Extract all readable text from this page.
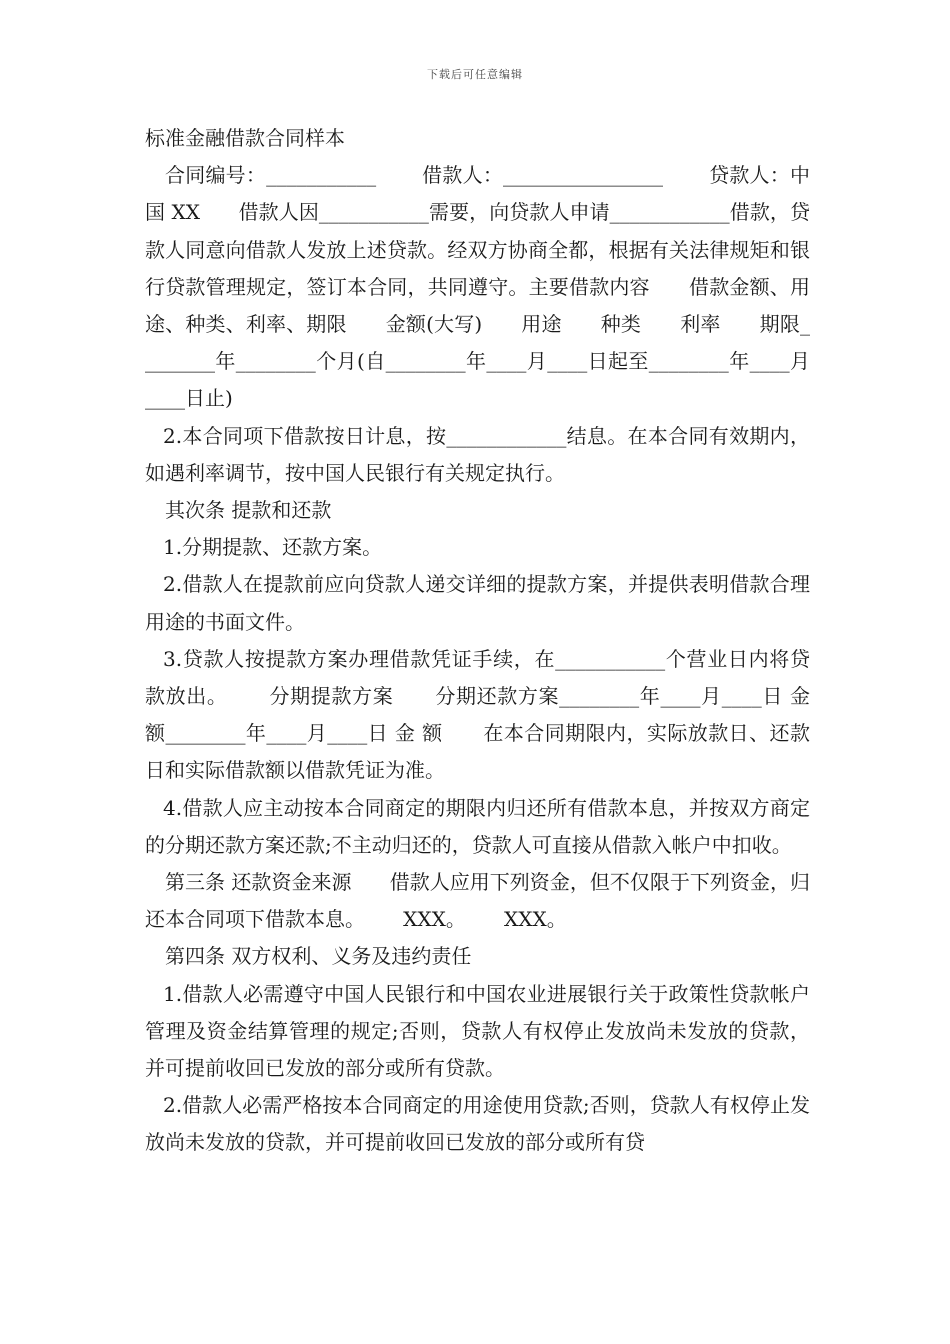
下载后可任意编辑

标准金融借款合同样本

合同编号：___________       借款人：________________       贷款人：中国 XX      借款人因___________需要，向贷款人申请____________借款，贷款人同意向借款人发放上述贷款。经双方协商全都，根据有关法律规矩和银行贷款管理规定，签订本合同，共同遵守。主要借款内容      借款金额、用途、种类、利率、期限      金额(大写)      用途      种类      利率      期限________年________个月(自________年____月____日起至________年____月____日止)

2.本合同项下借款按日计息，按____________结息。在本合同有效期内，如遇利率调节，按中国人民银行有关规定执行。

其次条 提款和还款

1.分期提款、还款方案。

2.借款人在提款前应向贷款人递交详细的提款方案，并提供表明借款合理用途的书面文件。

3.贷款人按提款方案办理借款凭证手续，在___________个营业日内将贷款放出。      分期提款方案      分期还款方案________年____月____日 金 额________年____月____日 金 额      在本合同期限内，实际放款日、还款日和实际借款额以借款凭证为准。

4.借款人应主动按本合同商定的期限内归还所有借款本息，并按双方商定的分期还款方案还款;不主动归还的，贷款人可直接从借款入帐户中扣收。

第三条 还款资金来源      借款人应用下列资金，但不仅限于下列资金，归还本合同项下借款本息。      XXX。      XXX。

第四条 双方权利、义务及违约责任

1.借款人必需遵守中国人民银行和中国农业进展银行关于政策性贷款帐户管理及资金结算管理的规定;否则，贷款人有权停止发放尚未发放的贷款，并可提前收回已发放的部分或所有贷款。

2.借款人必需严格按本合同商定的用途使用贷款;否则，贷款人有权停止发放尚未发放的贷款，并可提前收回已发放的部分或所有贷
